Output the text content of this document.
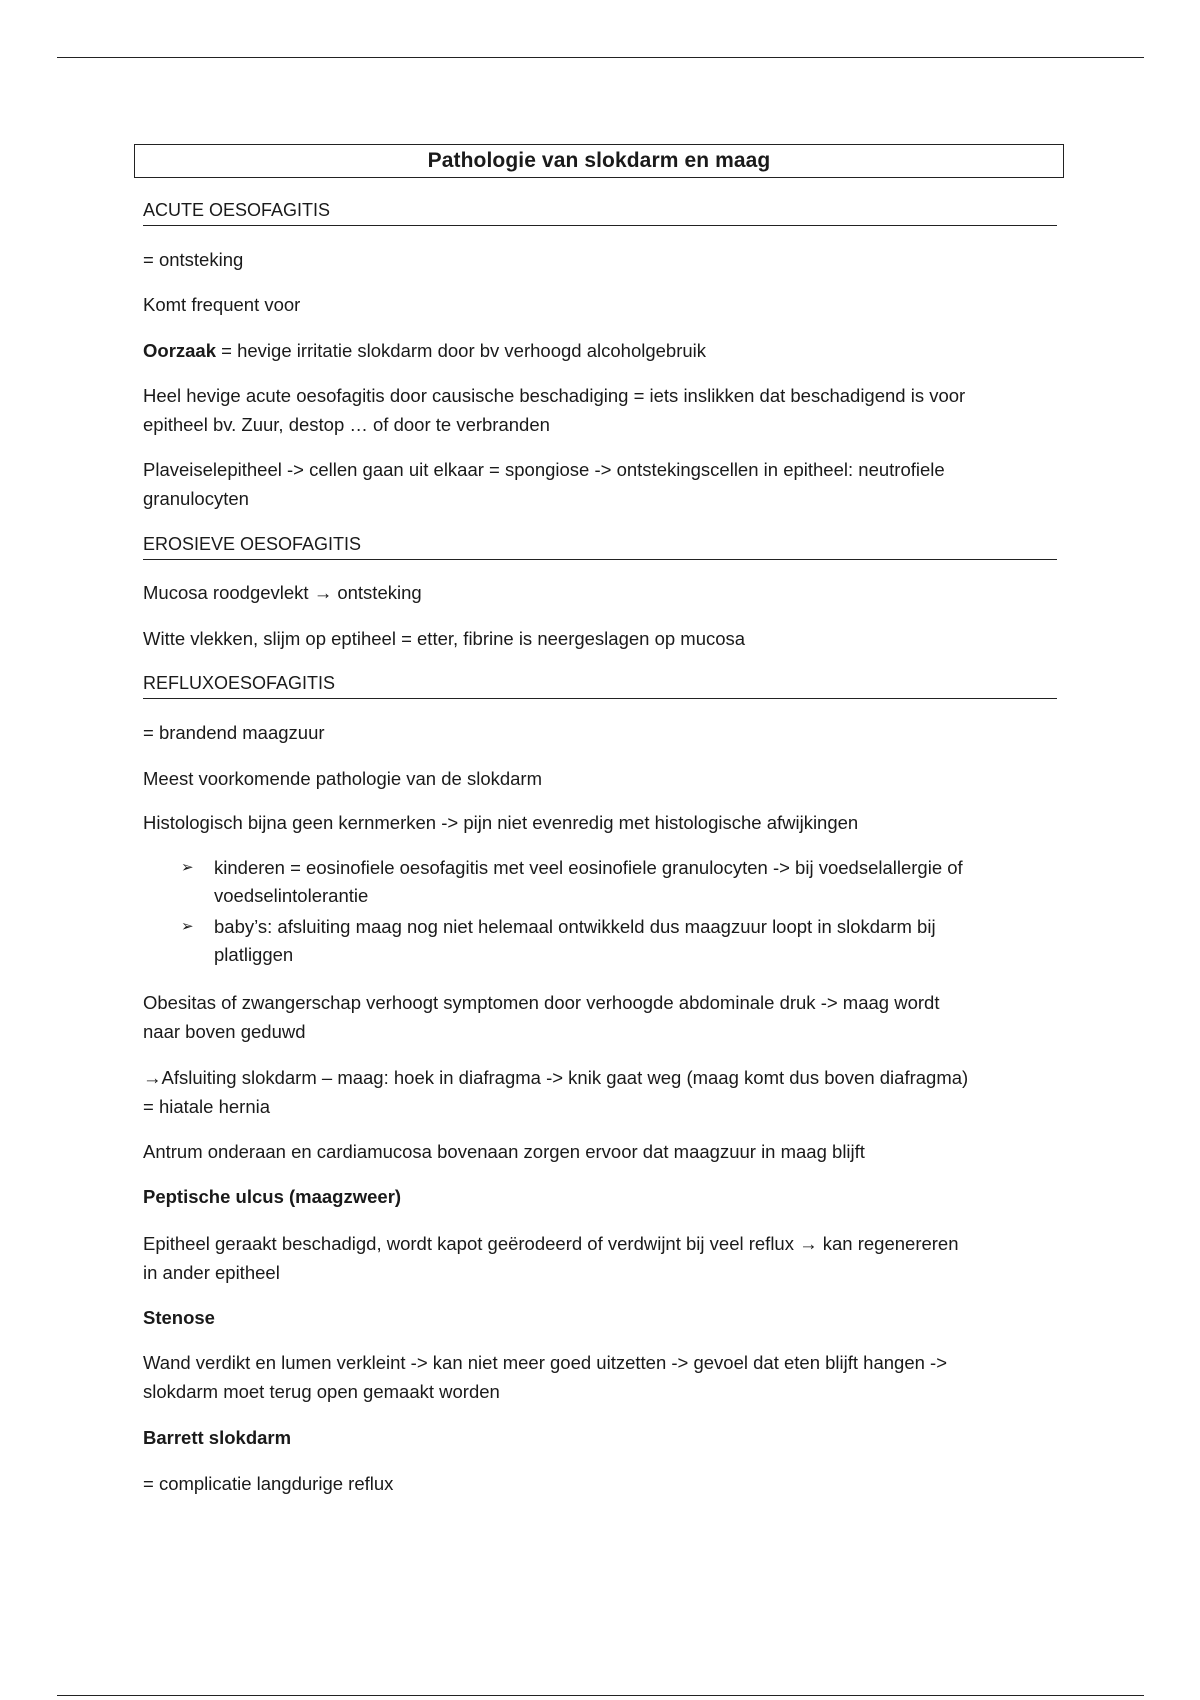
Pathologie van slokdarm en maag
ACUTE OESOFAGITIS
= ontsteking
Komt frequent voor
Oorzaak = hevige irritatie slokdarm door bv verhoogd alcoholgebruik
Heel hevige acute oesofagitis door causische beschadiging = iets inslikken dat beschadigend is voor
epitheel bv. Zuur, destop … of door te verbranden
Plaveiselepitheel -> cellen gaan uit elkaar = spongiose -> ontstekingscellen in epitheel: neutrofiele
granulocyten
EROSIEVE OESOFAGITIS
Mucosa roodgevlekt → ontsteking
Witte vlekken, slijm op eptiheel = etter, fibrine is neergeslagen op mucosa
REFLUXOESOFAGITIS
= brandend maagzuur
Meest voorkomende pathologie van de slokdarm
Histologisch bijna geen kernmerken -> pijn niet evenredig met histologische afwijkingen
➢ kinderen = eosinofiele oesofagitis met veel eosinofiele granulocyten -> bij voedselallergie of
voedselintolerantie
➢ baby’s: afsluiting maag nog niet helemaal ontwikkeld dus maagzuur loopt in slokdarm bij
platliggen
Obesitas of zwangerschap verhoogt symptomen door verhoogde abdominale druk -> maag wordt
naar boven geduwd
→Afsluiting slokdarm – maag: hoek in diafragma -> knik gaat weg (maag komt dus boven diafragma)
= hiatale hernia
Antrum onderaan en cardiamucosa bovenaan zorgen ervoor dat maagzuur in maag blijft
Peptische ulcus (maagzweer)
Epitheel geraakt beschadigd, wordt kapot geërodeerd of verdwijnt bij veel reflux → kan regenereren
in ander epitheel
Stenose
Wand verdikt en lumen verkleint -> kan niet meer goed uitzetten -> gevoel dat eten blijft hangen ->
slokdarm moet terug open gemaakt worden
Barrett slokdarm
= complicatie langdurige reflux
